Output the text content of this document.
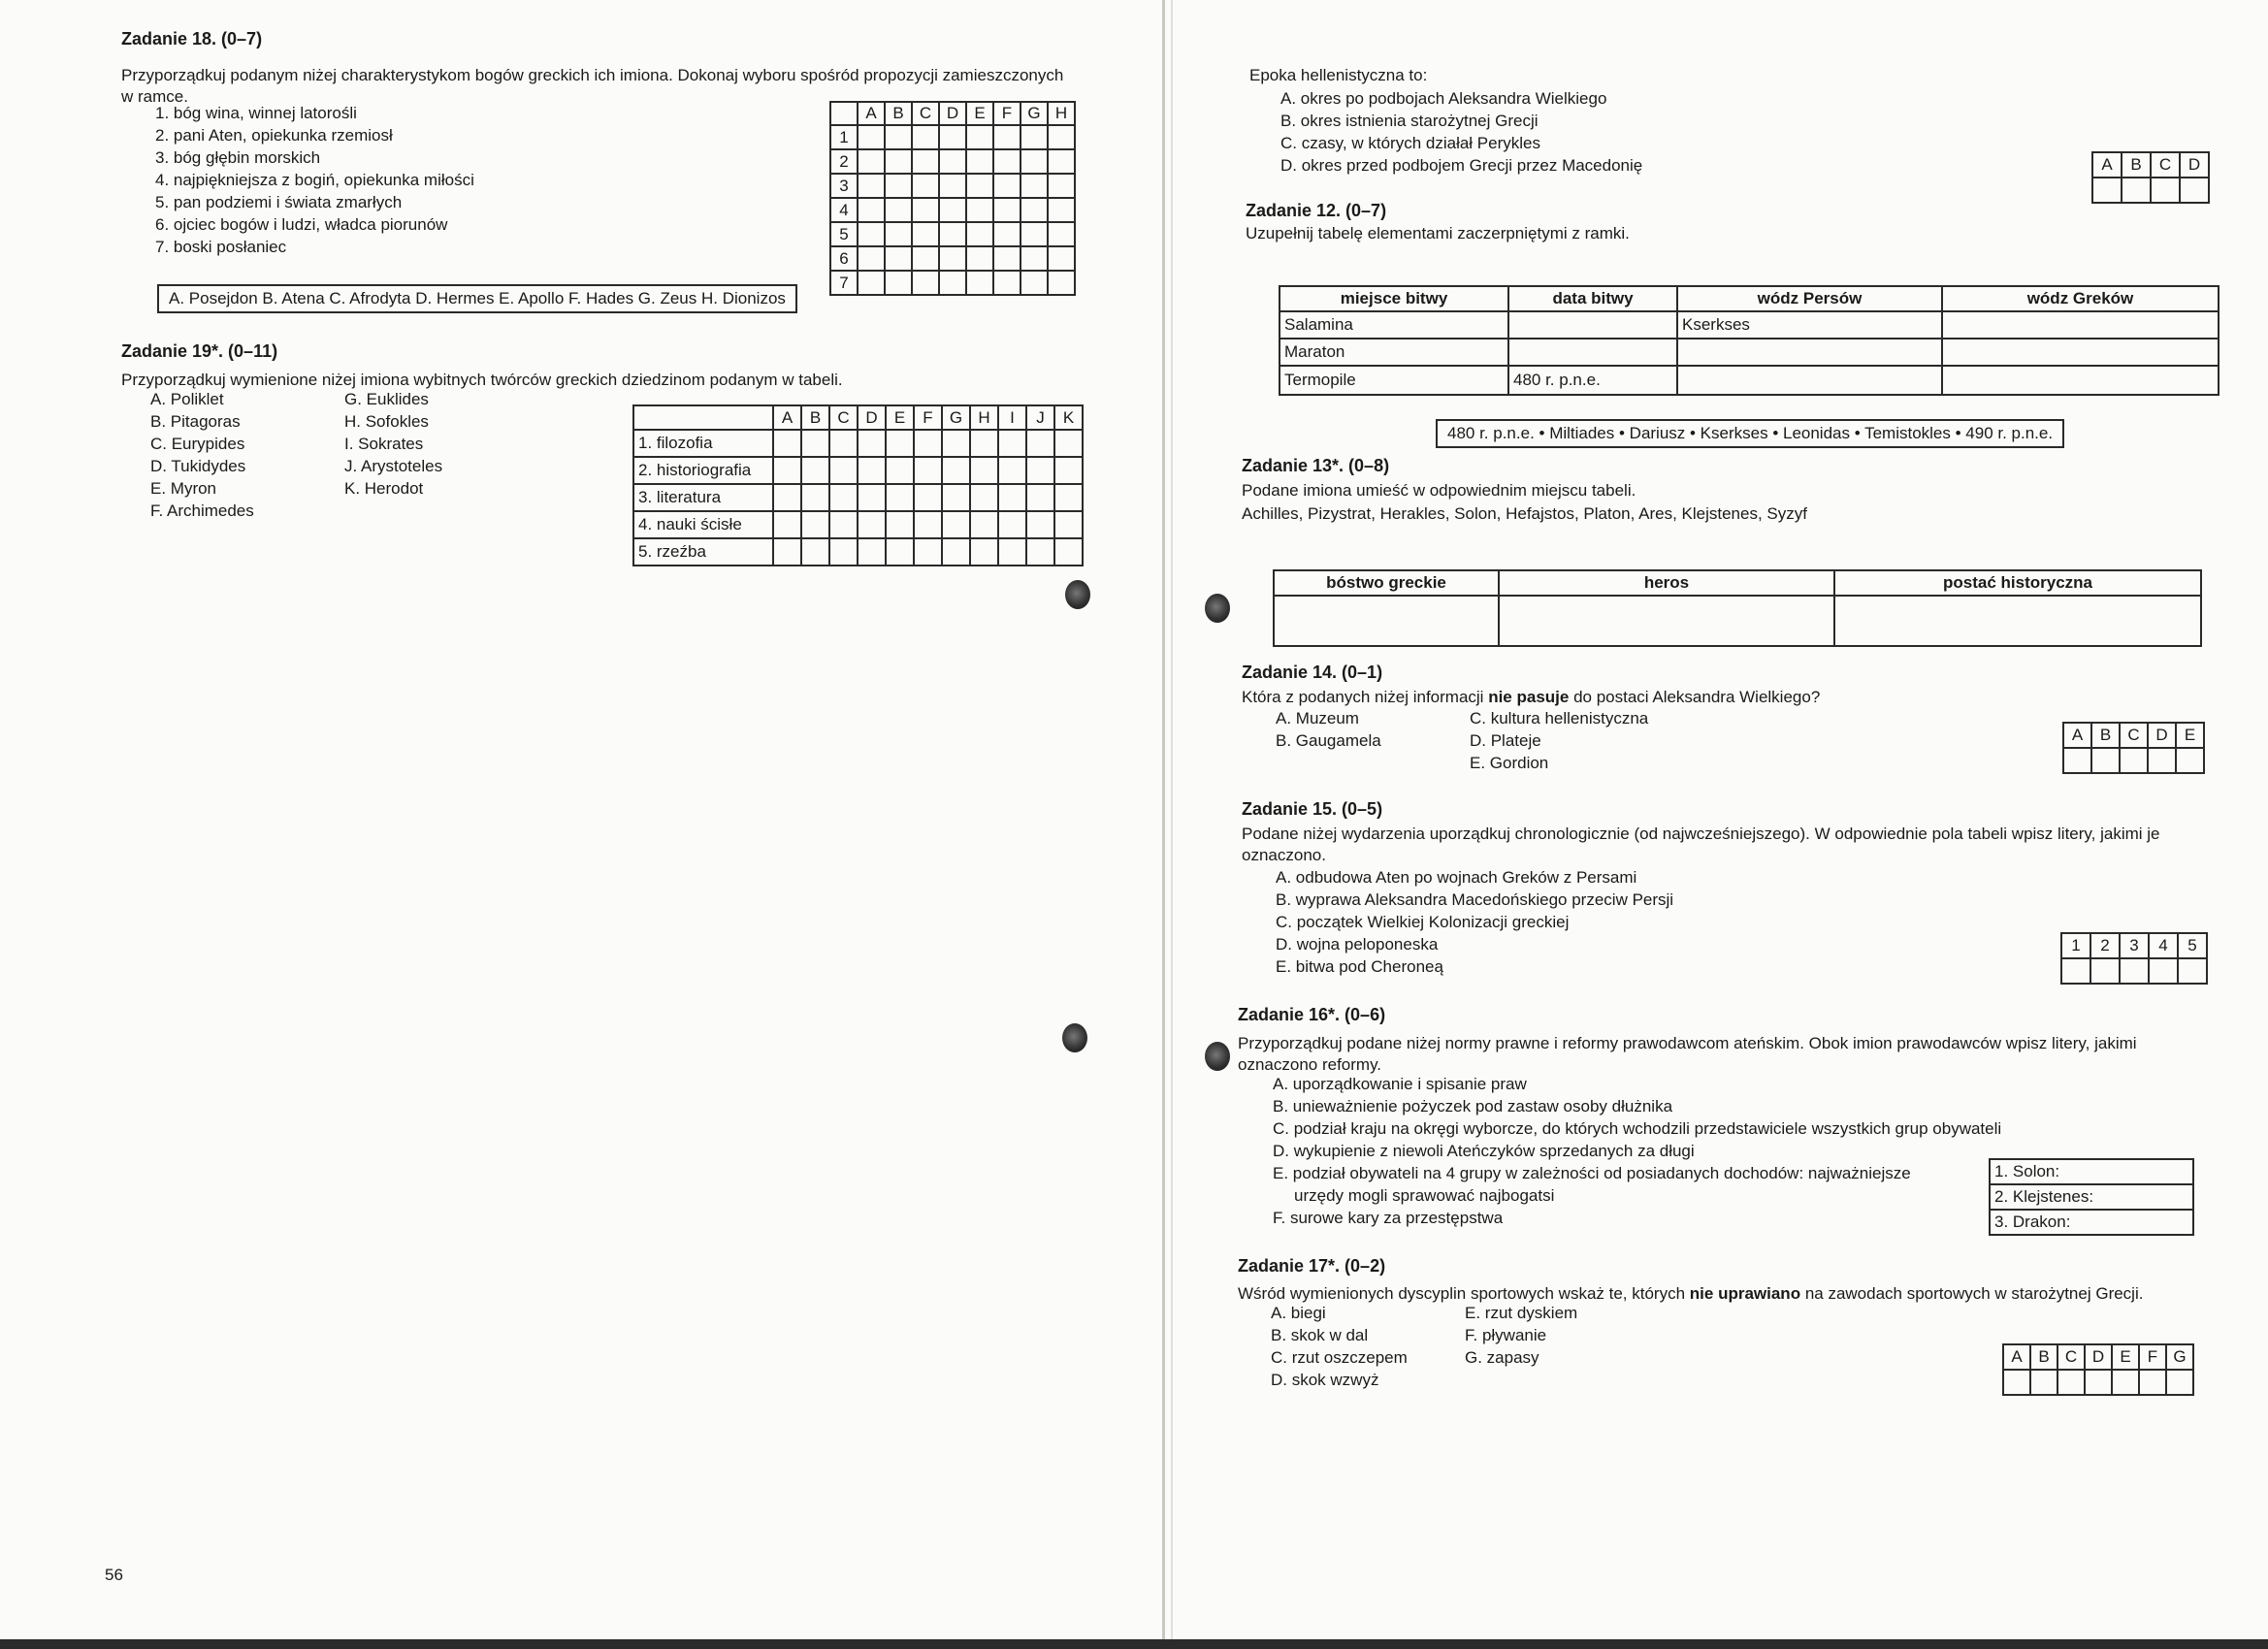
Zadanie 18. (0–7)
Przyporządkuj podanym niżej charakterystykom bogów greckich ich imiona. Dokonaj wyboru spośród propozycji zamieszczonych
w ramce.
1. bóg wina, winnej latorośli
2. pani Aten, opiekunka rzemiosł
3. bóg głębin morskich
4. najpiękniejsza z bogiń, opiekunka miłości
5. pan podziemi i świata zmarłych
6. ojciec bogów i ludzi, władca piorunów
7. boski posłaniec
A. Posejdon B. Atena C. Afrodyta D. Hermes E. Apollo F. Hades G. Zeus H. Dionizos
	A	B	C	D	E	F	G	H
1								
2								
3								
4								
5								
6								
7								
Zadanie 19*. (0–11)
Przyporządkuj wymienione niżej imiona wybitnych twórców greckich dziedzinom podanym w tabeli.
A. Poliklet
B. Pitagoras
C. Eurypides
D. Tukidydes
E. Myron
F. Archimedes
G. Euklides
H. Sofokles
I. Sokrates
J. Arystoteles
K. Herodot
	A	B	C	D	E	F	G	H	I	J	K
1. filozofia											
2. historiografia											
3. literatura											
4. nauki ścisłe											
5. rzeźba											
56
Epoka hellenistyczna to:
A. okres po podbojach Aleksandra Wielkiego
B. okres istnienia starożytnej Grecji
C. czasy, w których działał Perykles
D. okres przed podbojem Grecji przez Macedonię	A	B	C	D

Zadanie 12. (0–7)
Uzupełnij tabelę elementami zaczerpniętymi z ramki.
miejsce bitwy	data bitwy	wódz Persów	wódz Greków
Salamina		Kserkses	
Maraton			
Termopile	480 r. p.n.e.		
480 r. p.n.e. • Miltiades • Dariusz • Kserkses • Leonidas • Temistokles • 490 r. p.n.e.
Zadanie 13*. (0–8)
Podane imiona umieść w odpowiednim miejscu tabeli.
Achilles, Pizystrat, Herakles, Solon, Hefajstos, Platon, Ares, Klejstenes, Syzyf
bóstwo greckie	heros	postać historyczna

Zadanie 14. (0–1)
Która z podanych niżej informacji nie pasuje do postaci Aleksandra Wielkiego?
A. Muzeum
B. Gaugamela
C. kultura hellenistyczna
D. Plateje
E. Gordion
A	B	C	D	E

Zadanie 15. (0–5)
Podane niżej wydarzenia uporządkuj chronologicznie (od najwcześniejszego). W odpowiednie pola tabeli wpisz litery, jakimi je
oznaczono.
A. odbudowa Aten po wojnach Greków z Persami
B. wyprawa Aleksandra Macedońskiego przeciw Persji
C. początek Wielkiej Kolonizacji greckiej
D. wojna peloponeska
E. bitwa pod Cheroneą
1	2	3	4	5

Zadanie 16*. (0–6)
Przyporządkuj podane niżej normy prawne i reformy prawodawcom ateńskim. Obok imion prawodawców wpisz litery, jakimi
oznaczono reformy.
A. uporządkowanie i spisanie praw
B. unieważnienie pożyczek pod zastaw osoby dłużnika
C. podział kraju na okręgi wyborcze, do których wchodzili przedstawiciele wszystkich grup obywateli
D. wykupienie z niewoli Ateńczyków sprzedanych za długi
E. podział obywateli na 4 grupy w zależności od posiadanych dochodów: najważniejsze
urzędy mogli sprawować najbogatsi
F. surowe kary za przestępstwa
1. Solon:
2. Klejstenes:
3. Drakon:
Zadanie 17*. (0–2)
Wśród wymienionych dyscyplin sportowych wskaż te, których nie uprawiano na zawodach sportowych w starożytnej Grecji.
A. biegi
B. skok w dal
C. rzut oszczepem
D. skok wzwyż
E. rzut dyskiem
F. pływanie
G. zapasy	A	B	C	D	E	F	G
